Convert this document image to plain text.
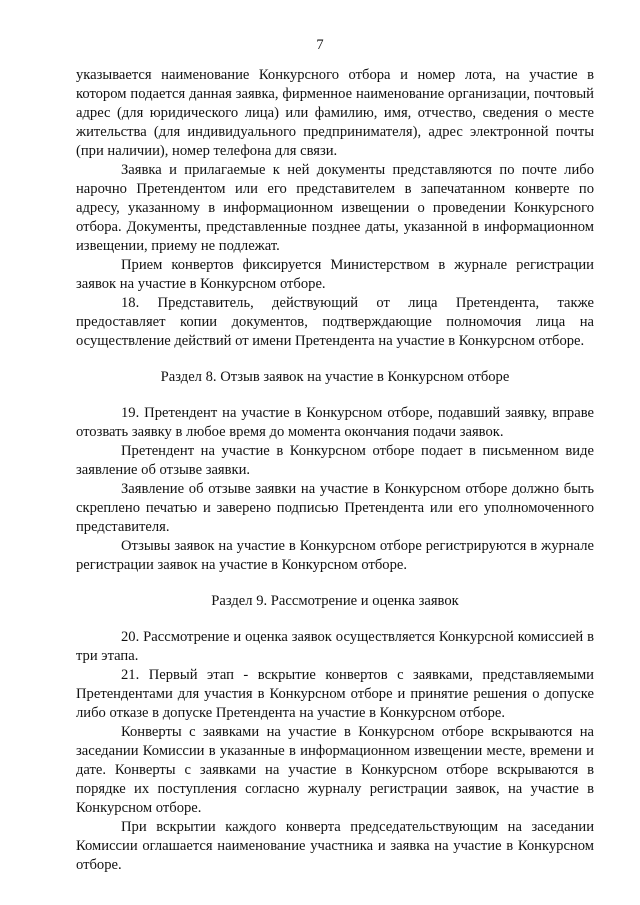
7

указывается наименование Конкурсного отбора и номер лота, на участие в котором подается данная заявка, фирменное наименование организации, почтовый адрес (для юридического лица) или фамилию, имя, отчество, сведения о месте жительства (для индивидуального предпринимателя), адрес электронной почты (при наличии), номер телефона для связи.

Заявка и прилагаемые к ней документы представляются по почте либо нарочно Претендентом или его представителем в запечатанном конверте по адресу, указанному в информационном извещении о проведении Конкурсного отбора. Документы, представленные позднее даты, указанной в информационном извещении, приему не подлежат.

Прием конвертов фиксируется Министерством в журнале регистрации заявок на участие в Конкурсном отборе.

18. Представитель, действующий от лица Претендента, также предоставляет копии документов, подтверждающие полномочия лица на осуществление действий от имени Претендента на участие в Конкурсном отборе.

Раздел 8. Отзыв заявок на участие в Конкурсном отборе

19. Претендент на участие в Конкурсном отборе, подавший заявку, вправе отозвать заявку в любое время до момента окончания подачи заявок.

Претендент на участие в Конкурсном отборе подает в письменном виде заявление об отзыве заявки.

Заявление об отзыве заявки на участие в Конкурсном отборе должно быть скреплено печатью и заверено подписью Претендента или его уполномоченного представителя.

Отзывы заявок на участие в Конкурсном отборе регистрируются в журнале регистрации заявок на участие в Конкурсном отборе.

Раздел 9. Рассмотрение и оценка заявок

20. Рассмотрение и оценка заявок осуществляется Конкурсной комиссией в три этапа.

21. Первый этап - вскрытие конвертов с заявками, представляемыми Претендентами для участия в Конкурсном отборе и принятие решения о допуске либо отказе в допуске Претендента на участие в Конкурсном отборе.

Конверты с заявками на участие в Конкурсном отборе вскрываются на заседании Комиссии в указанные в информационном извещении месте, времени и дате. Конверты с заявками на участие в Конкурсном отборе вскрываются в порядке их поступления согласно журналу регистрации заявок, на участие в Конкурсном отборе.

При вскрытии каждого конверта председательствующим на заседании Комиссии оглашается наименование участника и заявка на участие в Конкурсном отборе.
